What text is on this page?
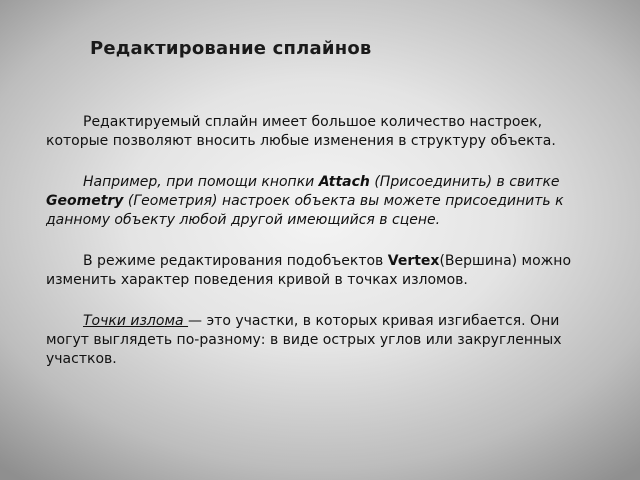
Редактирование сплайнов

Редактируемый сплайн имеет большое количество настроек, которые позволяют вносить любые изменения в структуру объекта.

Например, при помощи кнопки Attach (Присоединить) в свитке Geometry (Геометрия) настроек объекта вы можете присоединить к данному объекту любой другой имеющийся в сцене.

В режиме редактирования подобъектов Vertex(Вершина) можно изменить характер поведения кривой в точках изломов.

Точки излома — это участки, в которых кривая изгибается. Они могут выглядеть по-разному: в виде острых углов или закругленных участков.
